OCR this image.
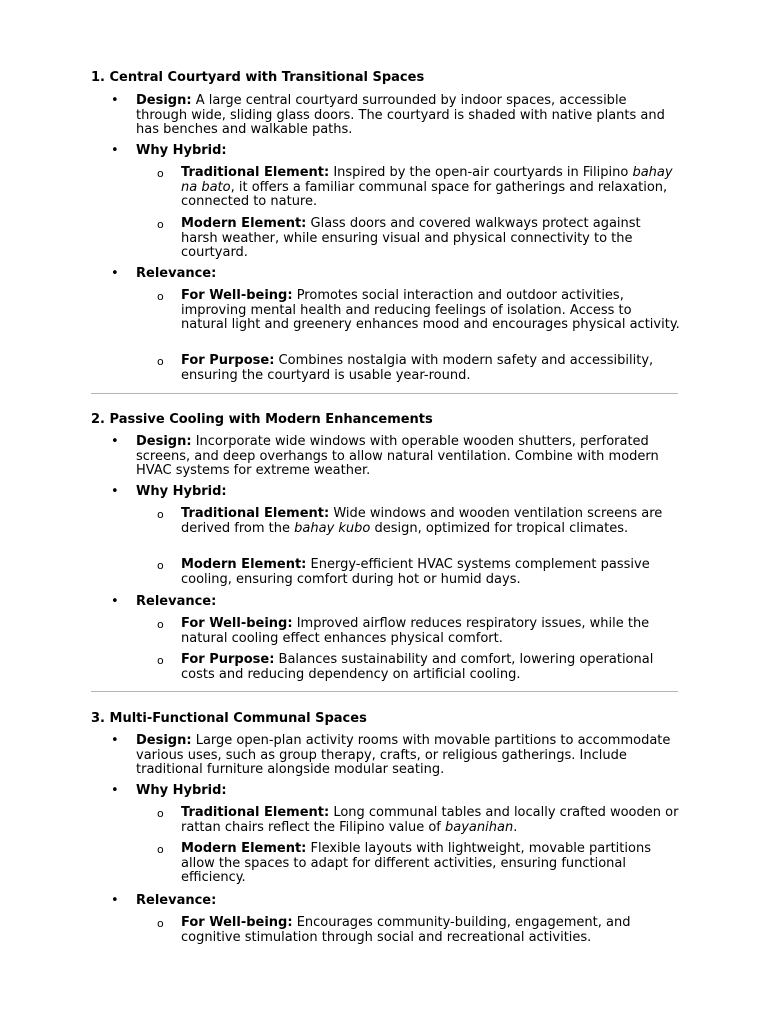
1. Central Courtyard with Transitional Spaces
• Design: A large central courtyard surrounded by indoor spaces, accessible through wide, sliding glass doors. The courtyard is shaded with native plants and has benches and walkable paths.

• Why Hybrid:

o Traditional Element: Inspired by the open-air courtyards in Filipino bahay na bato, it offers a familiar communal space for gatherings and relaxation, connected to nature.

o Modern Element: Glass doors and covered walkways protect against harsh weather, while ensuring visual and physical connectivity to the courtyard.

• Relevance:

o For Well-being: Promotes social interaction and outdoor activities, improving mental health and reducing feelings of isolation. Access to natural light and greenery enhances mood and encourages physical activity.

o For Purpose: Combines nostalgia with modern safety and accessibility, ensuring the courtyard is usable year-round.

2. Passive Cooling with Modern Enhancements
• Design: Incorporate wide windows with operable wooden shutters, perforated screens, and deep overhangs to allow natural ventilation. Combine with modern HVAC systems for extreme weather.

• Why Hybrid:

o Traditional Element: Wide windows and wooden ventilation screens are derived from the bahay kubo design, optimized for tropical climates.

o Modern Element: Energy-efficient HVAC systems complement passive cooling, ensuring comfort during hot or humid days.

• Relevance:

o For Well-being: Improved airflow reduces respiratory issues, while the natural cooling effect enhances physical comfort.

o For Purpose: Balances sustainability and comfort, lowering operational costs and reducing dependency on artificial cooling.

3. Multi-Functional Communal Spaces
• Design: Large open-plan activity rooms with movable partitions to accommodate various uses, such as group therapy, crafts, or religious gatherings. Include traditional furniture alongside modular seating.

• Why Hybrid:

o Traditional Element: Long communal tables and locally crafted wooden or rattan chairs reflect the Filipino value of bayanihan.

o Modern Element: Flexible layouts with lightweight, movable partitions allow the spaces to adapt for different activities, ensuring functional efficiency.

• Relevance:

o For Well-being: Encourages community-building, engagement, and cognitive stimulation through social and recreational activities.
